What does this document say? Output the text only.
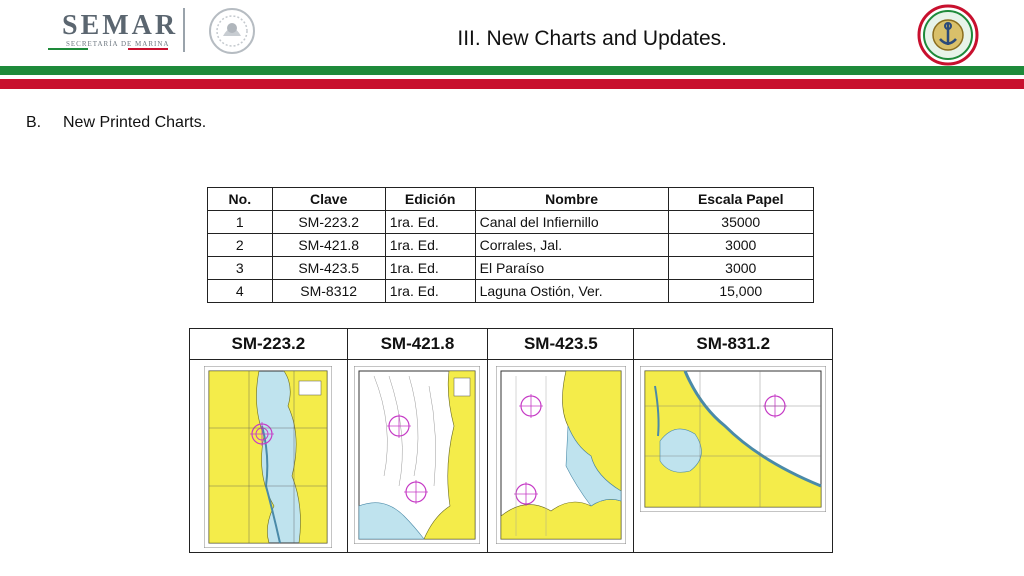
SEMAR
SECRETARÍA DE MARINA	III. New Charts and Updates.
B. New Printed Charts.
No.	Clave	Edición	Nombre	Escala Papel
1	SM-223.2	1ra. Ed.	Canal del Infiernillo	35000
2	SM-421.8	1ra. Ed.	Corrales, Jal.	3000
3	SM-423.5	1ra. Ed.	El Paraíso	3000
4	SM-8312	1ra. Ed.	Laguna Ostión, Ver.	15,000
SM-223.2	SM-421.8	SM-423.5	SM-831.2
